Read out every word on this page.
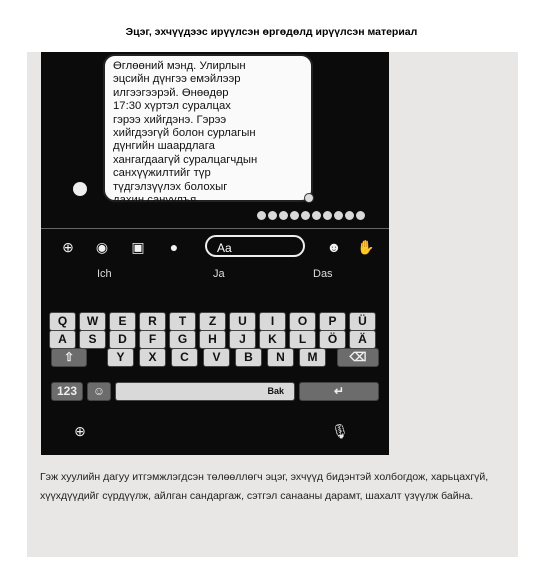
Эцэг, эхчүүдээс ирүүлсэн өргөдөлд ирүүлсэн материал

Өглөөний мэнд. Улирлын
эцсийн дүнгээ емэйлээр
илгээгээрэй. Өнөөдөр
17:30 хүртэл суралцах
гэрээ хийгдэнэ. Гэрээ
хийгдээгүй болон сурлагын
дүнгийн шаардлага
хангагдаагүй суралцагчдын
санхүүжилтийг түр
түдгэлзүүлэх болохыг
дахин сануулъя.

⊕ ◉ ▣	●	Aa	☻ ✋
Ich	Ja	Das
⇧	⌫
123	☺	Bak	↵
⊕	🎙
Q	W	E	R	T	Z	U	I	O	P	Ü
A	S	D	F	G	H	J	K	L	Ö	Ä
Y	X	C	V	B	N	M

Гэж хуулийн дагуу итгэмжлэгдсэн төлөөллөгч эцэг, эхчүүд бидэнтэй холбогдож, харьцахгүй, хүүхдүүдийг сүрдүүлж, айлган сандаргаж, сэтгэл санааны дарамт, шахалт үзүүлж байна.
